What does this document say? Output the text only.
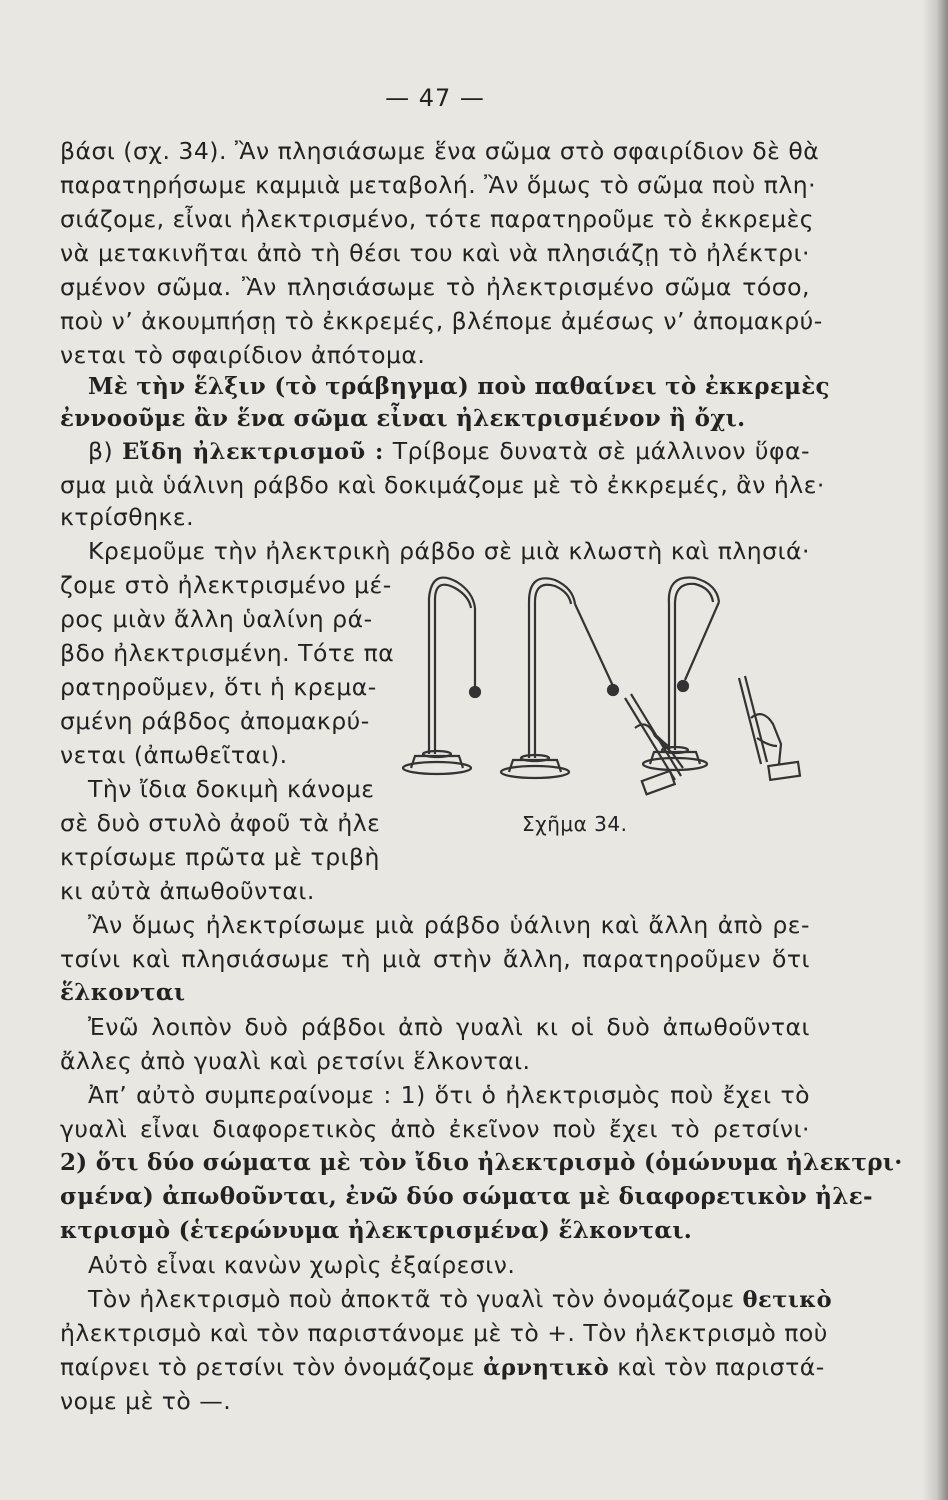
— 47 —
βάσι (σχ. 34). Ἂν πλησιάσωμε ἕνα σῶμα στὸ σφαιρίδιον δὲ θὰ
παρατηρήσωμε καμμιὰ μεταβολή. Ἂν ὅμως τὸ σῶμα ποὺ πλη·
σιάζομε, εἶναι ἠλεκτρισμένο, τότε παρατηροῦμε τὸ ἐκκρεμὲς
νὰ μετακινῆται ἀπὸ τὴ θέσι του καὶ νὰ πλησιάζῃ τὸ ἠλέκτρι·
σμένον σῶμα. Ἂν πλησιάσωμε τὸ ἠλεκτρισμένο σῶμα τόσο,
ποὺ ν’ ἀκουμπήσῃ τὸ ἐκκρεμές, βλέπομε ἀμέσως ν’ ἀπομακρύ-
νεται τὸ σφαιρίδιον ἀπότομα.
Μὲ τὴν ἕλξιν (τὸ τράβηγμα) ποὺ παθαίνει τὸ ἐκκρεμὲς
ἐννοοῦμε ἂν ἕνα σῶμα εἶναι ἠλεκτρισμένον ἢ ὄχι.
β) Εἴδη ἠλεκτρισμοῦ : Τρίβομε δυνατὰ σὲ μάλλινον ὕφα-
σμα μιὰ ὑάλινη ράβδο καὶ δοκιμάζομε μὲ τὸ ἐκκρεμές, ἂν ἠλε·
κτρίσθηκε.
Κρεμοῦμε τὴν ἠλεκτρικὴ ράβδο σὲ μιὰ κλωστὴ καὶ πλησιά·
ζομε στὸ ἠλεκτρισμένο μέ-
ρος μιὰν ἄλλη ὑαλίνη ρά-
βδο ἠλεκτρισμένη. Τότε πα
ρατηροῦμεν, ὅτι ἡ κρεμα-
σμένη ράβδος ἀπομακρύ-
νεται (ἀπωθεῖται).
Τὴν ἴδια δοκιμὴ κάνομε
σὲ δυὸ στυλὸ ἀφοῦ τὰ ἠλε
κτρίσωμε πρῶτα μὲ τριβὴ
κι αὐτὰ ἀπωθοῦνται.
Ἂν ὅμως ἠλεκτρίσωμε μιὰ ράβδο ὑάλινη καὶ ἄλλη ἀπὸ ρε-
τσίνι καὶ πλησιάσωμε τὴ μιὰ στὴν ἄλλη, παρατηροῦμεν ὅτι
ἕλκονται
Ἐνῶ λοιπὸν δυὸ ράβδοι ἀπὸ γυαλὶ κι οἱ δυὸ ἀπωθοῦνται
ἄλλες ἀπὸ γυαλὶ καὶ ρετσίνι ἕλκονται.
Ἀπ’ αὐτὸ συμπεραίνομε : 1) ὅτι ὁ ἠλεκτρισμὸς ποὺ ἔχει τὸ
γυαλὶ εἶναι διαφορετικὸς ἀπὸ ἐκεῖνον ποὺ ἔχει τὸ ρετσίνι·
2) ὅτι δύο σώματα μὲ τὸν ἴδιο ἠλεκτρισμὸ (ὁμώνυμα ἠλεκτρι·
σμένα) ἀπωθοῦνται, ἐνῶ δύο σώματα μὲ διαφορετικὸν ἠλε-
κτρισμὸ (ἑτερώνυμα ἠλεκτρισμένα) ἕλκονται.
Αὐτὸ εἶναι κανὼν χωρὶς ἐξαίρεσιν.
Τὸν ἠλεκτρισμὸ ποὺ ἀποκτᾶ τὸ γυαλὶ τὸν ὀνομάζομε θετικὸ
ἠλεκτρισμὸ καὶ τὸν παριστάνομε μὲ τὸ +. Τὸν ἠλεκτρισμὸ ποὺ
παίρνει τὸ ρετσίνι τὸν ὀνομάζομε ἀρνητικὸ καὶ τὸν παριστά-
νομε μὲ τὸ —.
Σχῆμα 34.
